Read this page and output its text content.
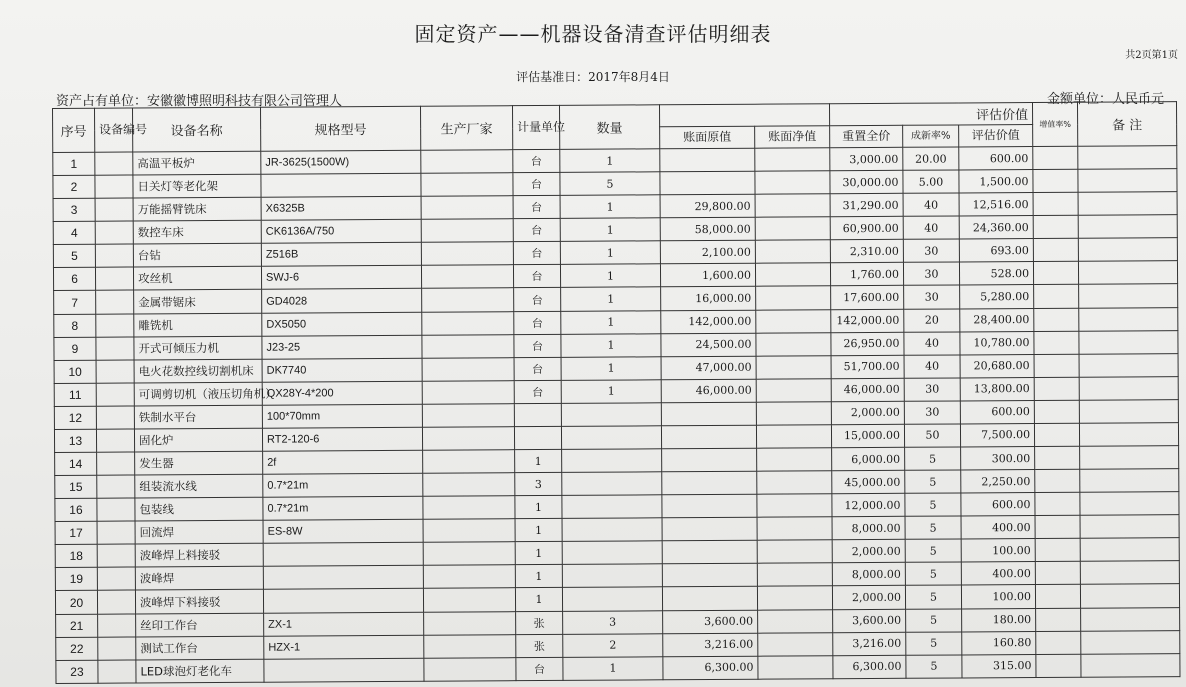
固定资产——机器设备清查评估明细表
共2页第1页
评估基准日：2017年8月4日
资产占有单位：安徽徽博照明科技有限公司管理人	金额单位：人民币元
序号	设备编号	设备名称	规格型号	生产厂家	计量单位	数量			评估价值			增值率%	备 注
							账面原值	账面净值	重置全价	成新率%	评估价值		
1		高温平板炉	JR-3625(1500W)		台	1			3,000.00	20.00	600.00		
2		日关灯等老化架			台	5			30,000.00	5.00	1,500.00		
3		万能摇臂铣床	X6325B		台	1	29,800.00		31,290.00	40	12,516.00		
4		数控车床	CK6136A/750		台	1	58,000.00		60,900.00	40	24,360.00		
5		台钻	Z516B		台	1	2,100.00		2,310.00	30	693.00		
6		攻丝机	SWJ-6		台	1	1,600.00		1,760.00	30	528.00		
7		金属带锯床	GD4028		台	1	16,000.00		17,600.00	30	5,280.00		
8		雕铣机	DX5050		台	1	142,000.00		142,000.00	20	28,400.00		
9		开式可倾压力机	J23-25		台	1	24,500.00		26,950.00	40	10,780.00		
10		电火花数控线切割机床	DK7740		台	1	47,000.00		51,700.00	40	20,680.00		
11		可调剪切机（液压切角机）	QX28Y-4*200		台	1	46,000.00		46,000.00	30	13,800.00		
12		铁制水平台	100*70mm						2,000.00	30	600.00		
13		固化炉	RT2-120-6						15,000.00	50	7,500.00		
14		发生器	2f		1				6,000.00	5	300.00		
15		组装流水线	0.7*21m		3				45,000.00	5	2,250.00		
16		包装线	0.7*21m		1				12,000.00	5	600.00		
17		回流焊	ES-8W		1				8,000.00	5	400.00		
18		波峰焊上料接驳			1				2,000.00	5	100.00		
19		波峰焊			1				8,000.00	5	400.00		
20		波峰焊下料接驳			1				2,000.00	5	100.00		
21		丝印工作台	ZX-1		张	3	3,600.00		3,600.00	5	180.00		
22		测试工作台	HZX-1		张	2	3,216.00		3,216.00	5	160.80		
23		LED球泡灯老化车			台	1	6,300.00		6,300.00	5	315.00		
